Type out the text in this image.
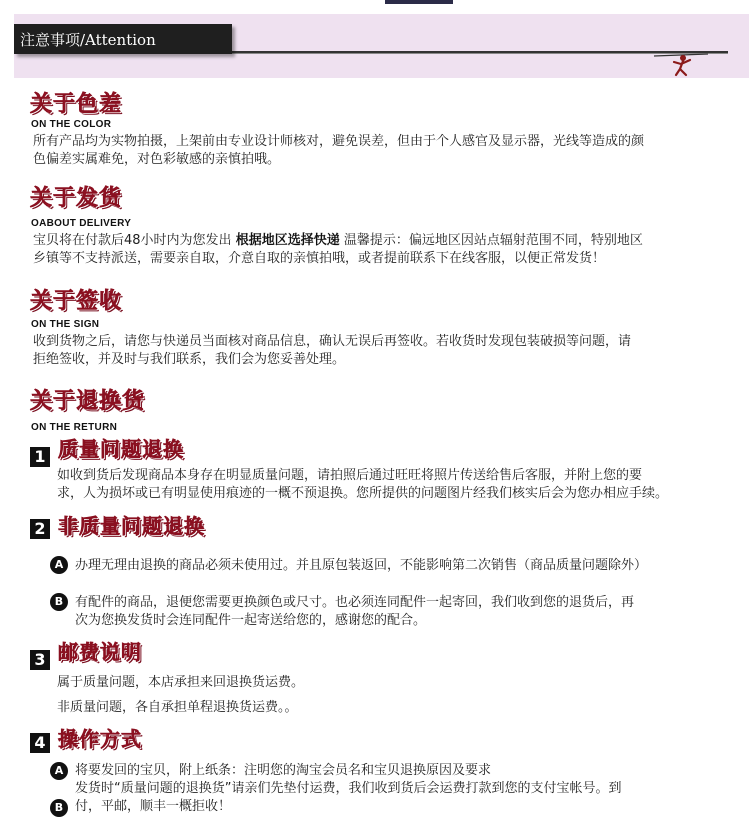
注意事项/Attention
关于色差
ON THE COLOR
所有产品均为实物拍摄，上架前由专业设计师核对，避免误差，但由于个人感官及显示器，光线等造成的颜
色偏差实属难免，对色彩敏感的亲慎拍哦。
关于发货
OABOUT DELIVERY
宝贝将在付款后48小时内为您发出 根据地区选择快递 温馨提示：偏远地区因站点辐射范围不同，特别地区
乡镇等不支持派送，需要亲自取，介意自取的亲慎拍哦，或者提前联系下在线客服，以便正常发货！
关于签收
ON THE SIGN
收到货物之后，请您与快递员当面核对商品信息，确认无误后再签收。若收货时发现包装破损等问题，请
拒绝签收，并及时与我们联系，我们会为您妥善处理。
关于退换货
ON THE RETURN
1 质量问题退换
如收到货后发现商品本身存在明显质量问题，请拍照后通过旺旺将照片传送给售后客服，并附上您的要
求，人为损坏或已有明显使用痕迹的一概不预退换。您所提供的问题图片经我们核实后会为您办相应手续。
2 非质量问题退换
A 办理无理由退换的商品必须未使用过。并且原包装返回，不能影响第二次销售（商品质量问题除外）
B 有配件的商品，退便您需要更换颜色或尺寸。也必须连同配件一起寄回，我们收到您的退货后，再
次为您换发货时会连同配件一起寄送给您的，感谢您的配合。
3 邮费说明
属于质量问题，本店承担来回退换货运费。
非质量问题，各自承担单程退换货运费。。
4 操作方式
A 将要发回的宝贝，附上纸条：注明您的淘宝会员名和宝贝退换原因及要求
发货时“质量问题的退换货”请亲们先垫付运费，我们收到货后会运费打款到您的支付宝帐号。到
B 付，平邮，顺丰一概拒收！
